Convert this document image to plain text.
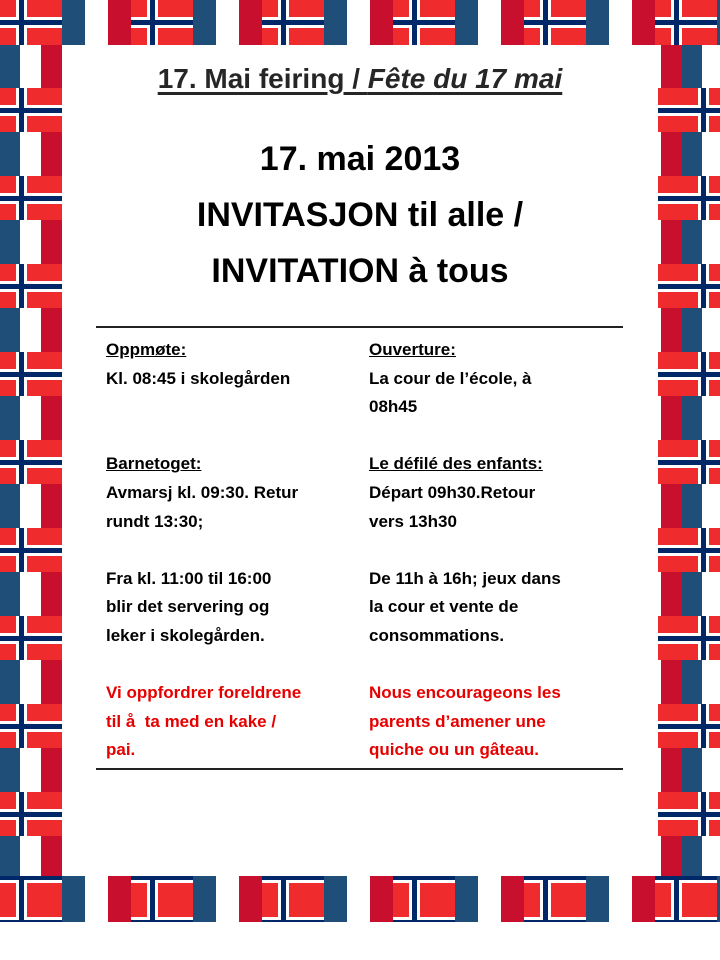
17. Mai feiring / Fête du 17 mai
17. mai 2013
INVITASJON til alle /
INVITATION à tous
Oppmøte:
Kl. 08:45 i skolegården

Barnetoget:
Avmarsj kl. 09:30. Retur
rundt 13:30;
Fra kl. 11:00 til 16:00
blir det servering og
leker i skolegården.
Vi oppfordrer foreldrene
til å  ta med en kake /
pai.
Ouverture:
La cour de l’école, à
08h45
Le défilé des enfants:
Départ 09h30.Retour
vers 13h30
De 11h à 16h; jeux dans
la cour et vente de
consommations.
Nous encourageons les
parents d’amener une
quiche ou un gâteau.
